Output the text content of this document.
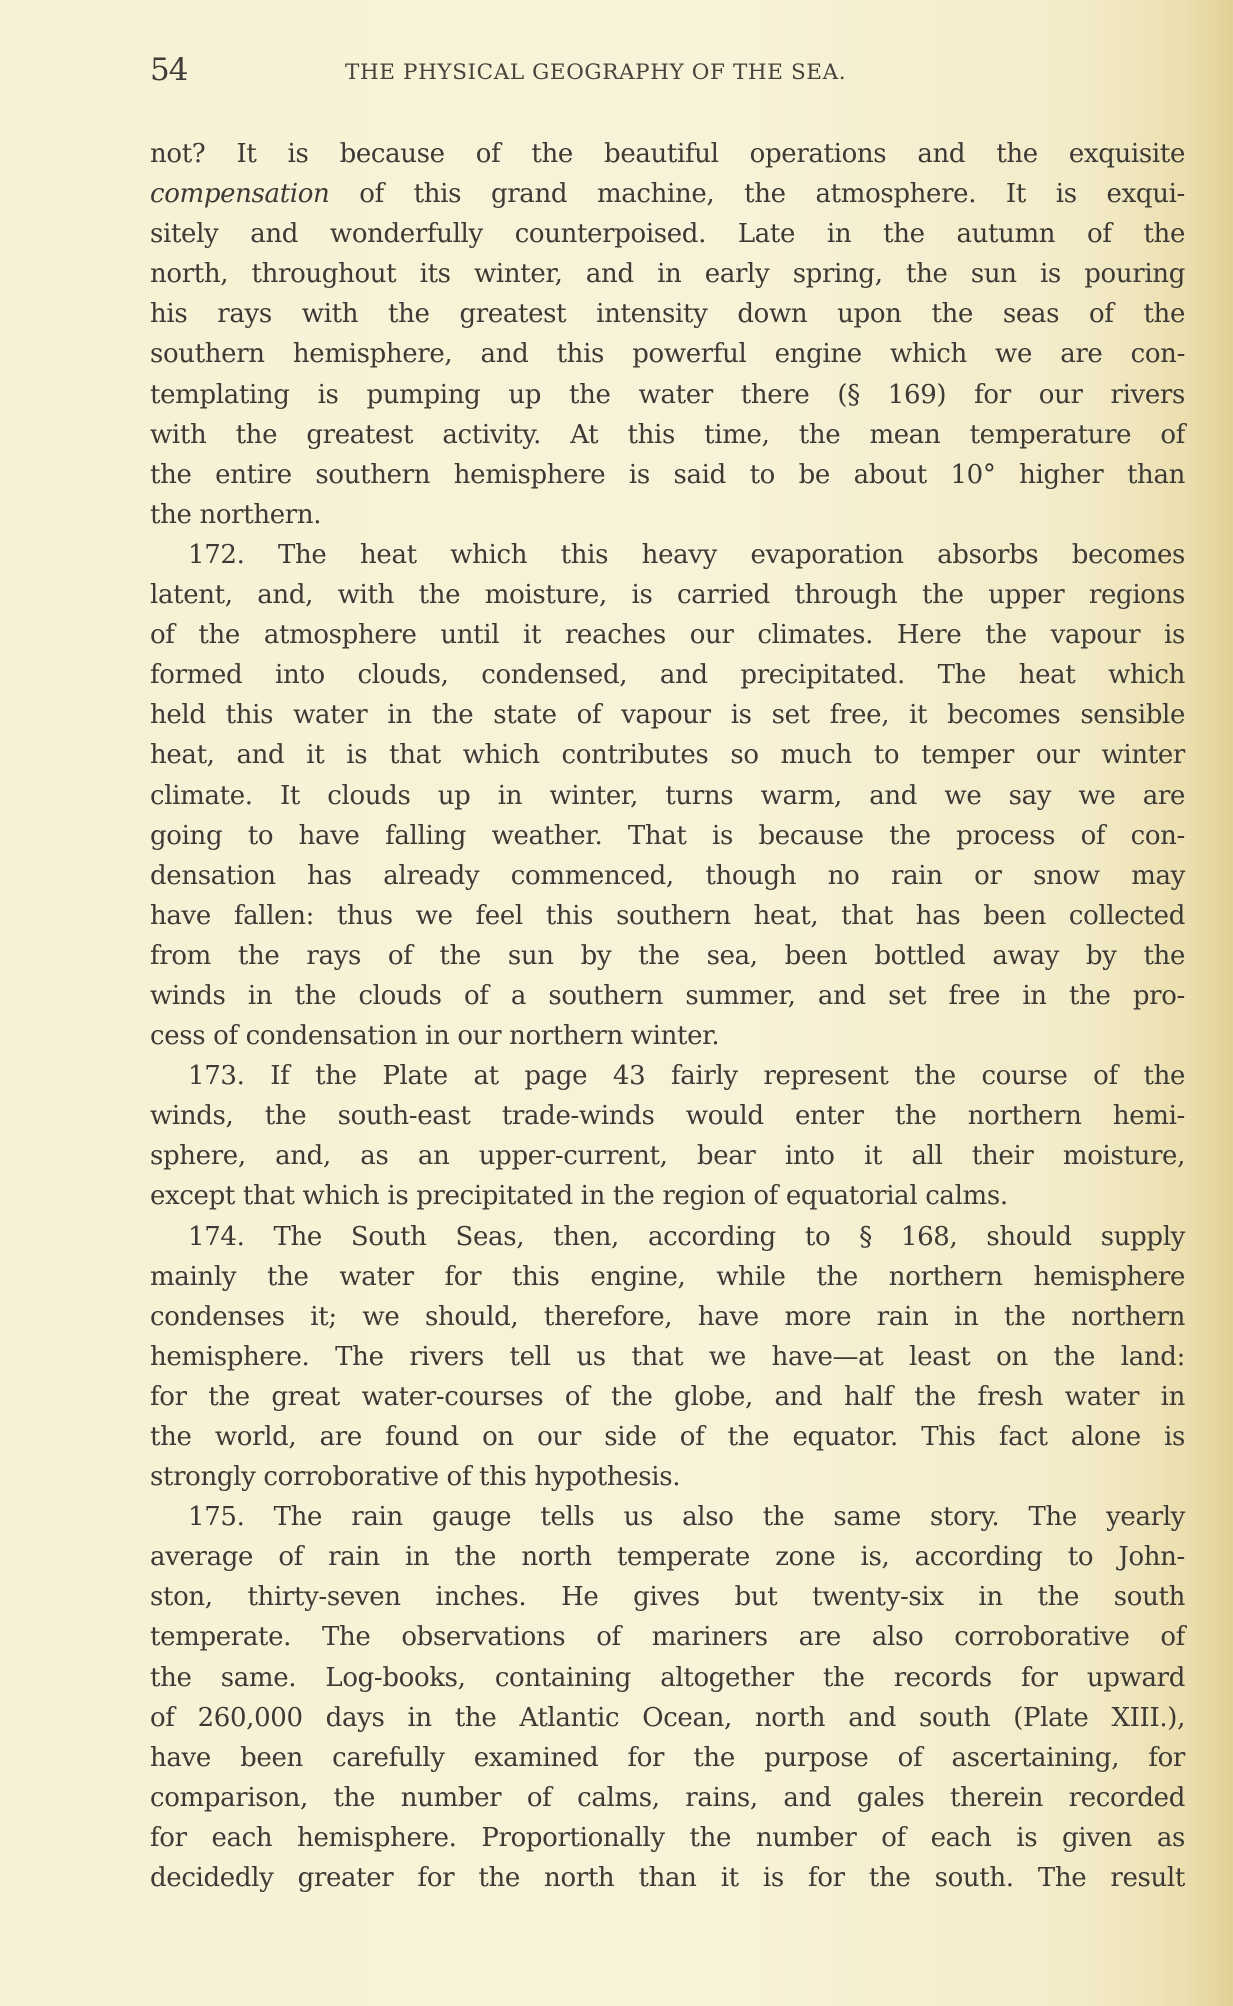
54	THE PHYSICAL GEOGRAPHY OF THE SEA.
not? It is because of the beautiful operations and the exquisite
compensation of this grand machine, the atmosphere. It is exqui-
sitely and wonderfully counterpoised. Late in the autumn of the
north, throughout its winter, and in early spring, the sun is pouring
his rays with the greatest intensity down upon the seas of the
southern hemisphere, and this powerful engine which we are con-
templating is pumping up the water there (§ 169) for our rivers
with the greatest activity. At this time, the mean temperature of
the entire southern hemisphere is said to be about 10° higher than
the northern.
172. The heat which this heavy evaporation absorbs becomes
latent, and, with the moisture, is carried through the upper regions
of the atmosphere until it reaches our climates. Here the vapour is
formed into clouds, condensed, and precipitated. The heat which
held this water in the state of vapour is set free, it becomes sensible
heat, and it is that which contributes so much to temper our winter
climate. It clouds up in winter, turns warm, and we say we are
going to have falling weather. That is because the process of con-
densation has already commenced, though no rain or snow may
have fallen: thus we feel this southern heat, that has been collected
from the rays of the sun by the sea, been bottled away by the
winds in the clouds of a southern summer, and set free in the pro-
cess of condensation in our northern winter.
173. If the Plate at page 43 fairly represent the course of the
winds, the south-east trade-winds would enter the northern hemi-
sphere, and, as an upper-current, bear into it all their moisture,
except that which is precipitated in the region of equatorial calms.
174. The South Seas, then, according to § 168, should supply
mainly the water for this engine, while the northern hemisphere
condenses it; we should, therefore, have more rain in the northern
hemisphere. The rivers tell us that we have—at least on the land:
for the great water-courses of the globe, and half the fresh water in
the world, are found on our side of the equator. This fact alone is
strongly corroborative of this hypothesis.
175. The rain gauge tells us also the same story. The yearly
average of rain in the north temperate zone is, according to John-
ston, thirty-seven inches. He gives but twenty-six in the south
temperate. The observations of mariners are also corroborative of
the same. Log-books, containing altogether the records for upward
of 260,000 days in the Atlantic Ocean, north and south (Plate XIII.),
have been carefully examined for the purpose of ascertaining, for
comparison, the number of calms, rains, and gales therein recorded
for each hemisphere. Proportionally the number of each is given as
decidedly greater for the north than it is for the south. The result
